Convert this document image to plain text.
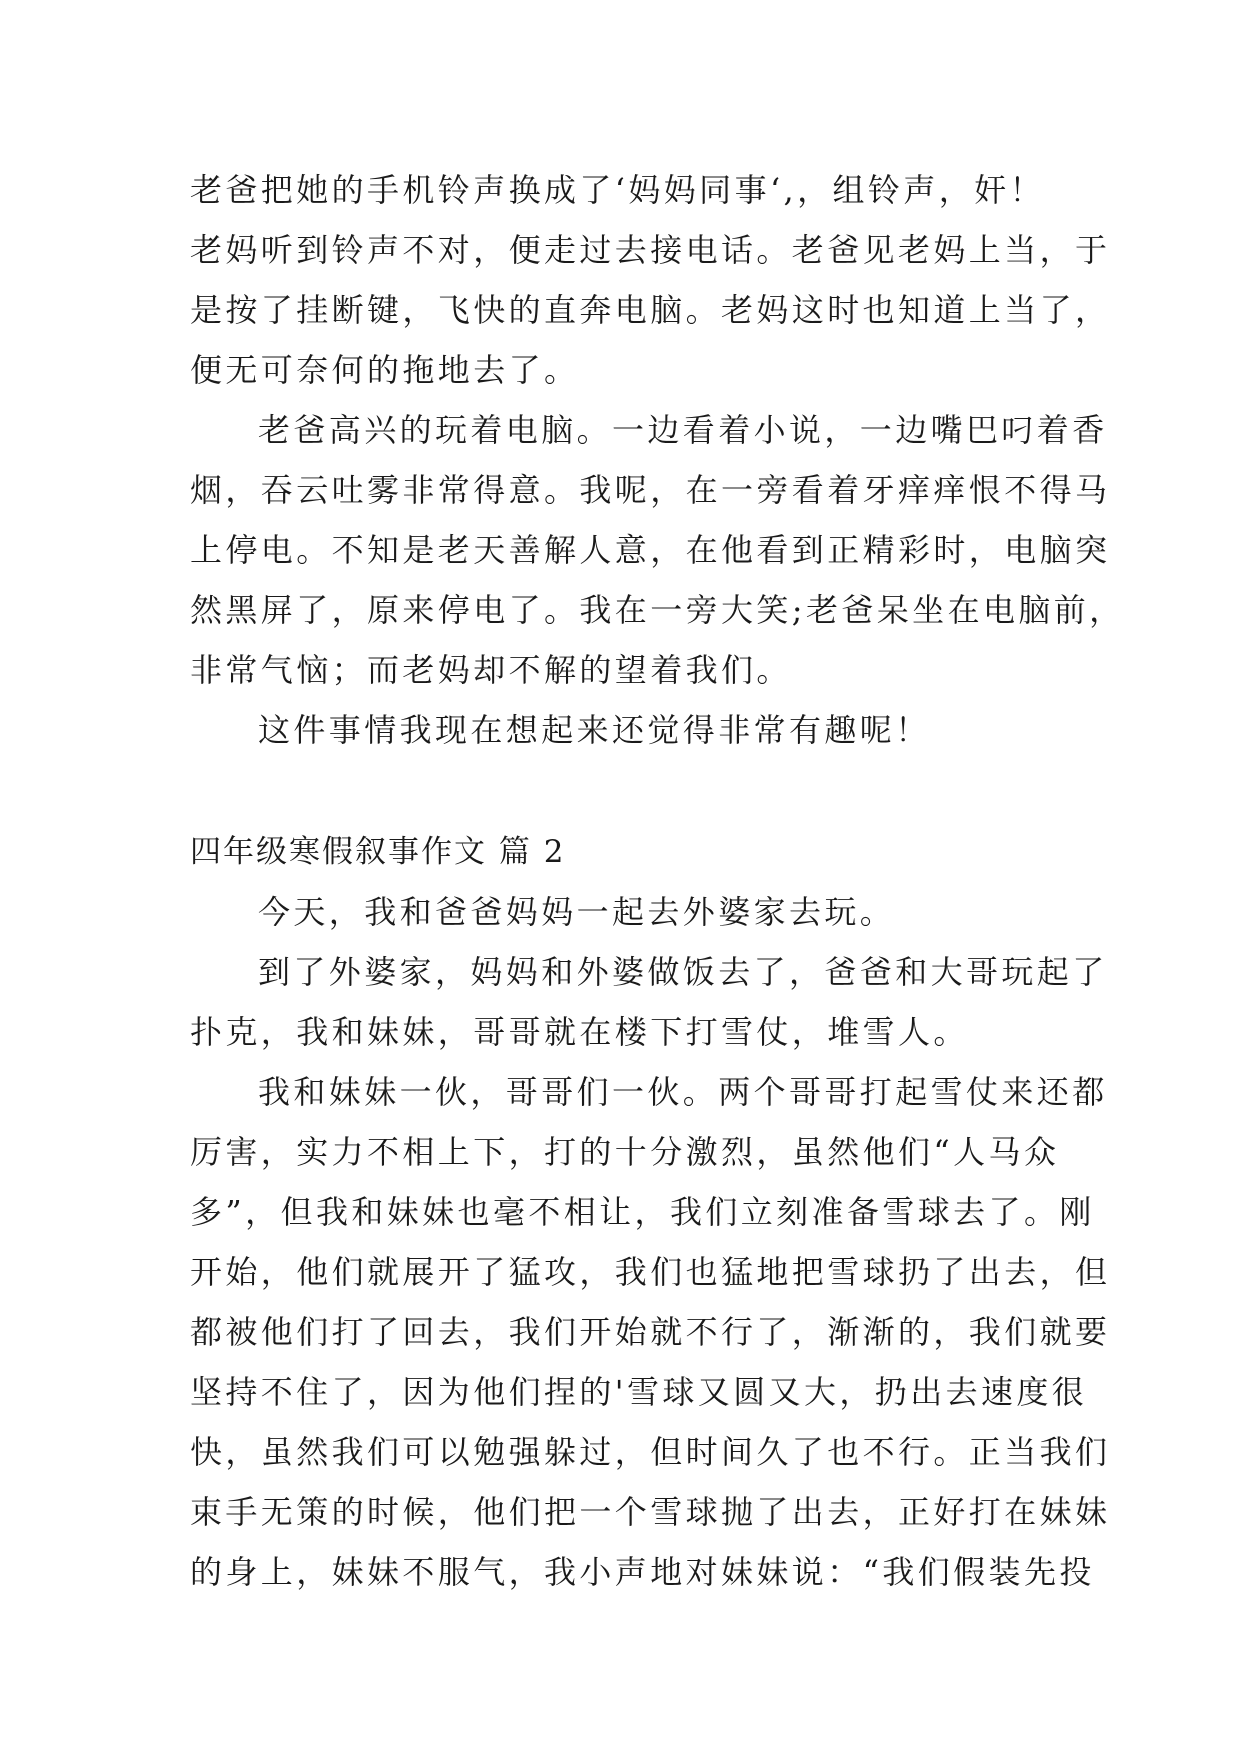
老爸把她的手机铃声换成了‘妈妈同事‘,，组铃声，奸！
老妈听到铃声不对，便走过去接电话。老爸见老妈上当，于
是按了挂断键，飞快的直奔电脑。老妈这时也知道上当了，
便无可奈何的拖地去了。
老爸高兴的玩着电脑。一边看着小说，一边嘴巴叼着香
烟，吞云吐雾非常得意。我呢，在一旁看着牙痒痒恨不得马
上停电。不知是老天善解人意，在他看到正精彩时，电脑突
然黑屏了，原来停电了。我在一旁大笑;老爸呆坐在电脑前，
非常气恼；而老妈却不解的望着我们。
这件事情我现在想起来还觉得非常有趣呢！
四年级寒假叙事作文 篇 2
今天，我和爸爸妈妈一起去外婆家去玩。
到了外婆家，妈妈和外婆做饭去了，爸爸和大哥玩起了
扑克，我和妹妹，哥哥就在楼下打雪仗，堆雪人。
我和妹妹一伙，哥哥们一伙。两个哥哥打起雪仗来还都
厉害，实力不相上下，打的十分激烈，虽然他们“人马众
多”，但我和妹妹也毫不相让，我们立刻准备雪球去了。刚
开始，他们就展开了猛攻，我们也猛地把雪球扔了出去，但
都被他们打了回去，我们开始就不行了，渐渐的，我们就要
坚持不住了，因为他们捏的'雪球又圆又大，扔出去速度很
快，虽然我们可以勉强躲过，但时间久了也不行。正当我们
束手无策的时候，他们把一个雪球抛了出去，正好打在妹妹
的身上，妹妹不服气，我小声地对妹妹说：“我们假装先投
